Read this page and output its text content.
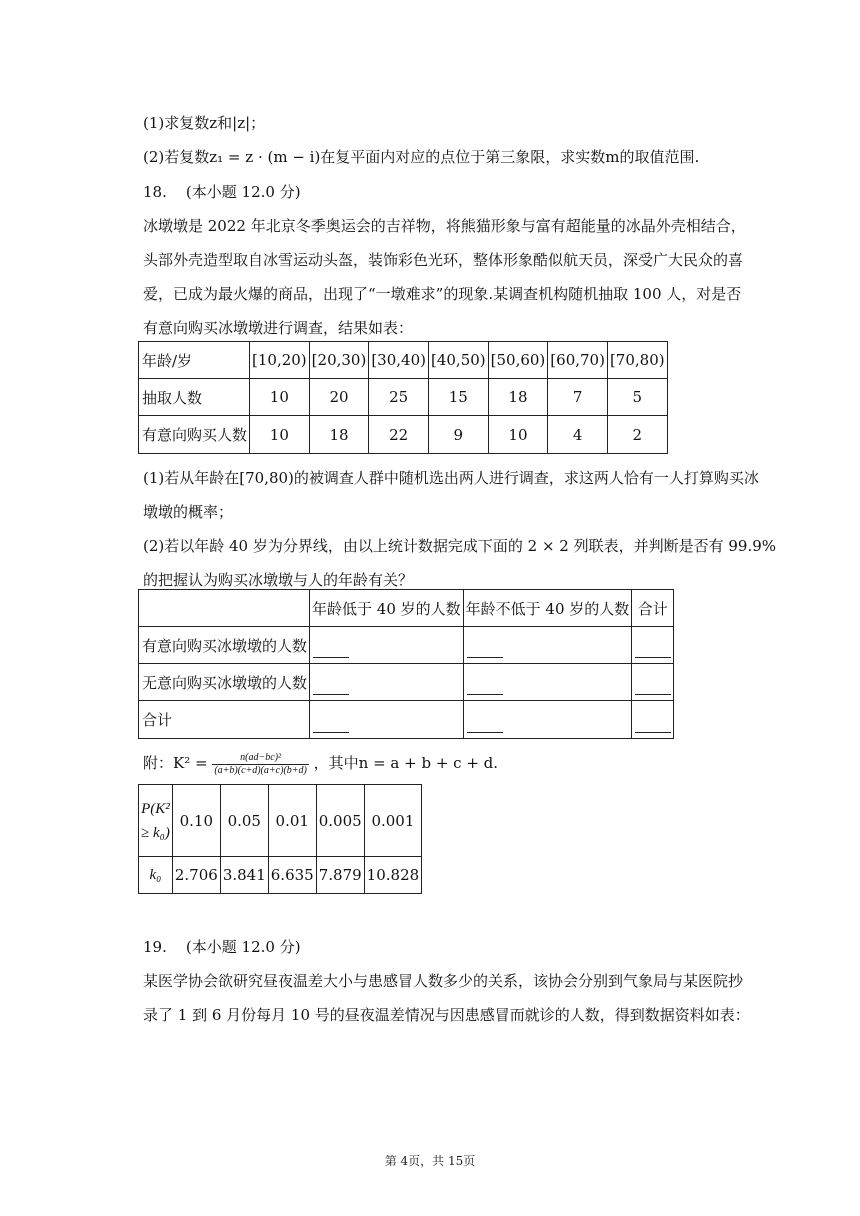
(1)求复数z和|z|；
(2)若复数z₁ = z · (m − i)在复平面内对应的点位于第三象限，求实数m的取值范围.
18.    (本小题 12.0 分)
冰墩墩是 2022 年北京冬季奥运会的吉祥物，将熊猫形象与富有超能量的冰晶外壳相结合，
头部外壳造型取自冰雪运动头盔，装饰彩色光环，整体形象酷似航天员，深受广大民众的喜
爱，已成为最火爆的商品，出现了“一墩难求”的现象.某调查机构随机抽取 100 人，对是否
有意向购买冰墩墩进行调查，结果如表：
年龄/岁	[10,20)	[20,30)	[30,40)	[40,50)	[50,60)	[60,70)	[70,80)
抽取人数	10	20	25	15	18	7	5
有意向购买人数	10	18	22	9	10	4	2
(1)若从年龄在[70,80)的被调查人群中随机选出两人进行调查，求这两人恰有一人打算购买冰
墩墩的概率；
(2)若以年龄 40 岁为分界线，由以上统计数据完成下面的 2 × 2 列联表，并判断是否有 99.9%
的把握认为购买冰墩墩与人的年龄有关？
	年龄低于 40 岁的人数	年龄不低于 40 岁的人数	合计
有意向购买冰墩墩的人数			
无意向购买冰墩墩的人数			
合计			
附：$K^2 = \frac{\text{n(ad−bc)²}}{(a+b)(c+d)(a+c)(b+d)}$ ，其中n = a + b + c + d.
P(K²
≥ k₀)	0.10	0.05	0.01	0.005	0.001
k₀	2.706	3.841	6.635	7.879	10.828
19.    (本小题 12.0 分)
某医学协会欲研究昼夜温差大小与患感冒人数多少的关系，该协会分别到气象局与某医院抄
录了 1 到 6 月份每月 10 号的昼夜温差情况与因患感冒而就诊的人数，得到数据资料如表：
第 4页，共 15页
